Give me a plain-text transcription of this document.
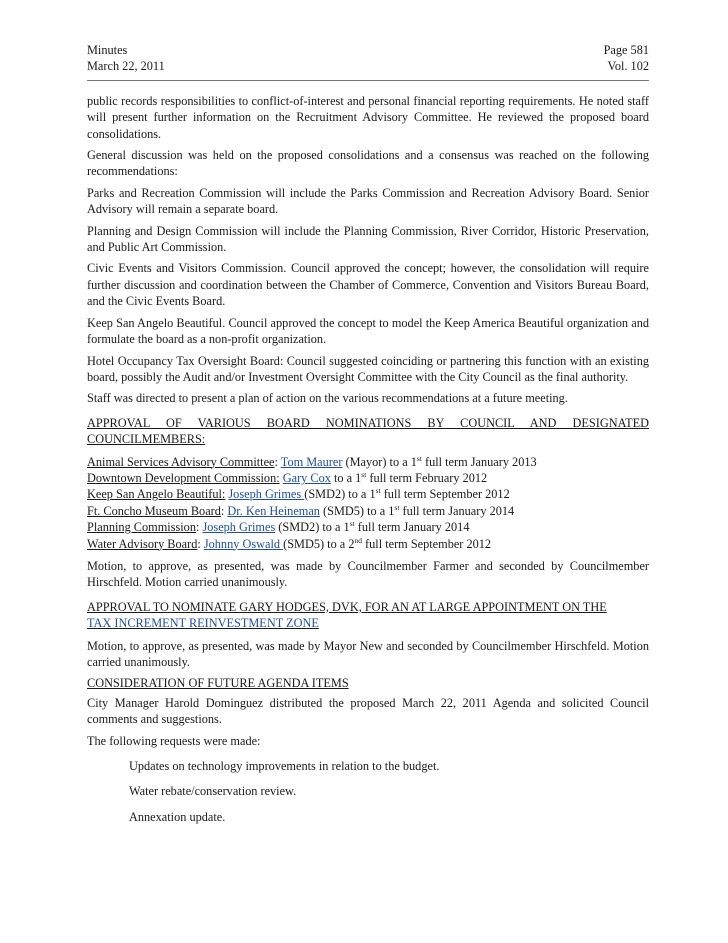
Minutes
March 22, 2011
Page 581
Vol. 102

public records responsibilities to conflict-of-interest and personal financial reporting requirements. He noted staff will present further information on the Recruitment Advisory Committee. He reviewed the proposed board consolidations.

General discussion was held on the proposed consolidations and a consensus was reached on the following recommendations:

Parks and Recreation Commission will include the Parks Commission and Recreation Advisory Board. Senior Advisory will remain a separate board.

Planning and Design Commission will include the Planning Commission, River Corridor, Historic Preservation, and Public Art Commission.

Civic Events and Visitors Commission. Council approved the concept; however, the consolidation will require further discussion and coordination between the Chamber of Commerce, Convention and Visitors Bureau Board, and the Civic Events Board.

Keep San Angelo Beautiful. Council approved the concept to model the Keep America Beautiful organization and formulate the board as a non-profit organization.

Hotel Occupancy Tax Oversight Board: Council suggested coinciding or partnering this function with an existing board, possibly the Audit and/or Investment Oversight Committee with the City Council as the final authority.

Staff was directed to present a plan of action on the various recommendations at a future meeting.

APPROVAL OF VARIOUS BOARD NOMINATIONS BY COUNCIL AND DESIGNATED COUNCILMEMBERS:

Animal Services Advisory Committee: Tom Maurer (Mayor) to a 1st full term January 2013
Downtown Development Commission: Gary Cox to a 1st full term February 2012
Keep San Angelo Beautiful: Joseph Grimes (SMD2) to a 1st full term September 2012
Ft. Concho Museum Board: Dr. Ken Heineman (SMD5) to a 1st full term January 2014
Planning Commission: Joseph Grimes (SMD2) to a 1st full term January 2014
Water Advisory Board: Johnny Oswald (SMD5) to a 2nd full term September 2012

Motion, to approve, as presented, was made by Councilmember Farmer and seconded by Councilmember Hirschfeld. Motion carried unanimously.

APPROVAL TO NOMINATE GARY HODGES, DVK, FOR AN AT LARGE APPOINTMENT ON THE
TAX INCREMENT REINVESTMENT ZONE

Motion, to approve, as presented, was made by Mayor New and seconded by Councilmember Hirschfeld. Motion carried unanimously.

CONSIDERATION OF FUTURE AGENDA ITEMS

City Manager Harold Dominguez distributed the proposed March 22, 2011 Agenda and solicited Council comments and suggestions.

The following requests were made:

Updates on technology improvements in relation to the budget.

Water rebate/conservation review.

Annexation update.
